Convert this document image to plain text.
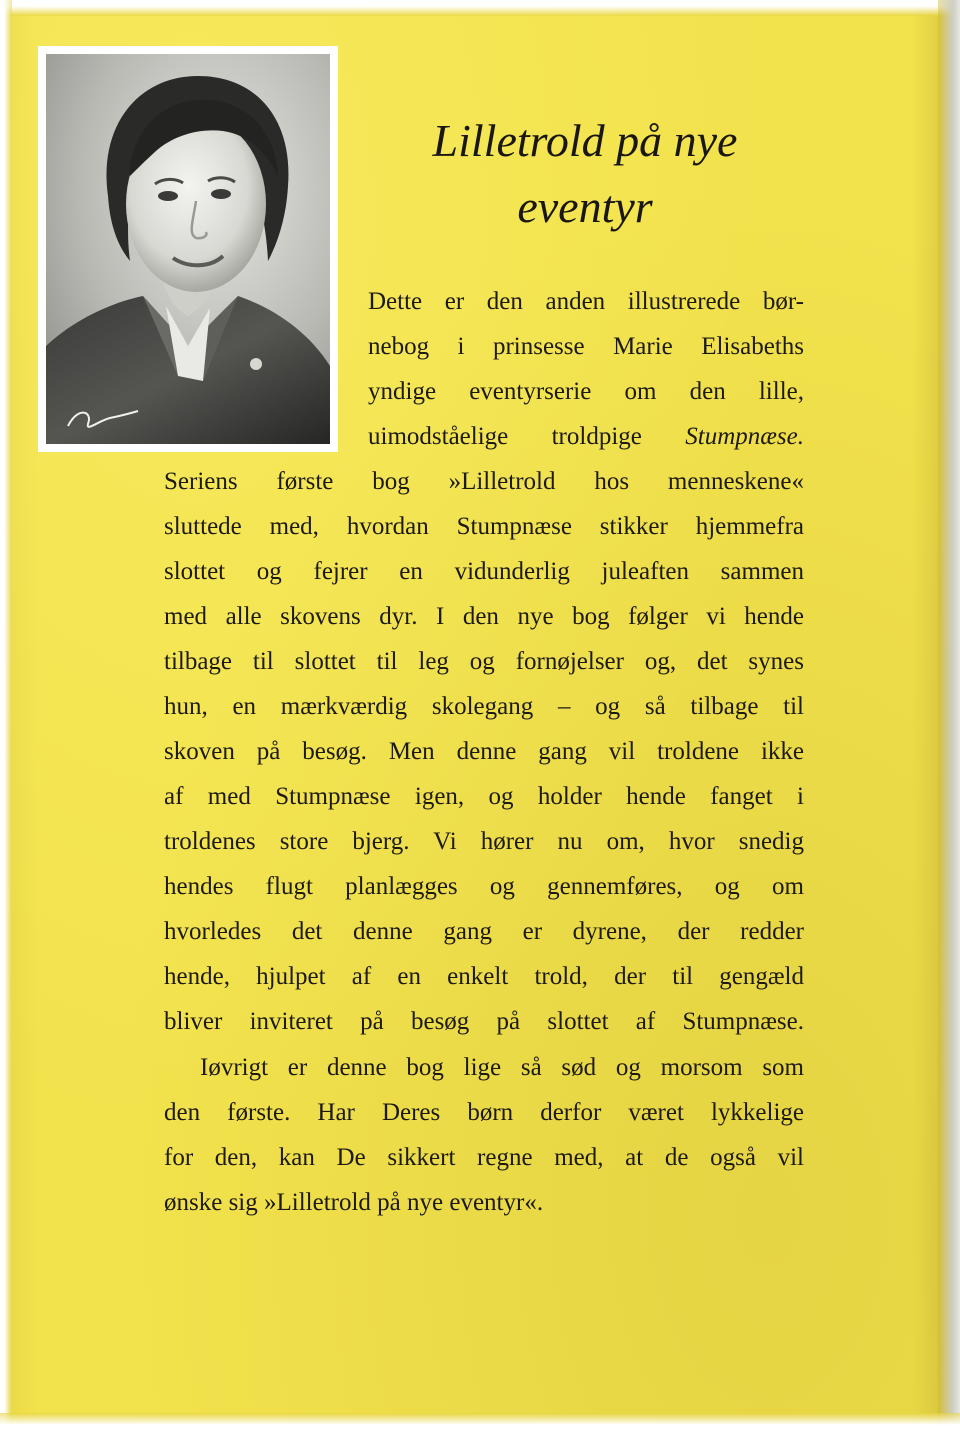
Lilletrold på nye
eventyr

Dette er den anden illustrerede bør-
nebog i prinsesse Marie Elisabeths
yndige eventyrserie om den lille,
uimodståelige troldpige Stumpnæse.

Seriens første bog »Lilletrold hos menneskene«
sluttede med, hvordan Stumpnæse stikker hjemmefra
slottet og fejrer en vidunderlig juleaften sammen
med alle skovens dyr. I den nye bog følger vi hende
tilbage til slottet til leg og fornøjelser og, det synes
hun, en mærkværdig skolegang – og så tilbage til
skoven på besøg. Men denne gang vil troldene ikke
af med Stumpnæse igen, og holder hende fanget i
troldenes store bjerg. Vi hører nu om, hvor snedig
hendes flugt planlægges og gennemføres, og om
hvorledes det denne gang er dyrene, der redder
hende, hjulpet af en enkelt trold, der til gengæld
bliver inviteret på besøg på slottet af Stumpnæse.

Iøvrigt er denne bog lige så sød og morsom som
den første. Har Deres børn derfor været lykkelige
for den, kan De sikkert regne med, at de også vil
ønske sig »Lilletrold på nye eventyr«.
